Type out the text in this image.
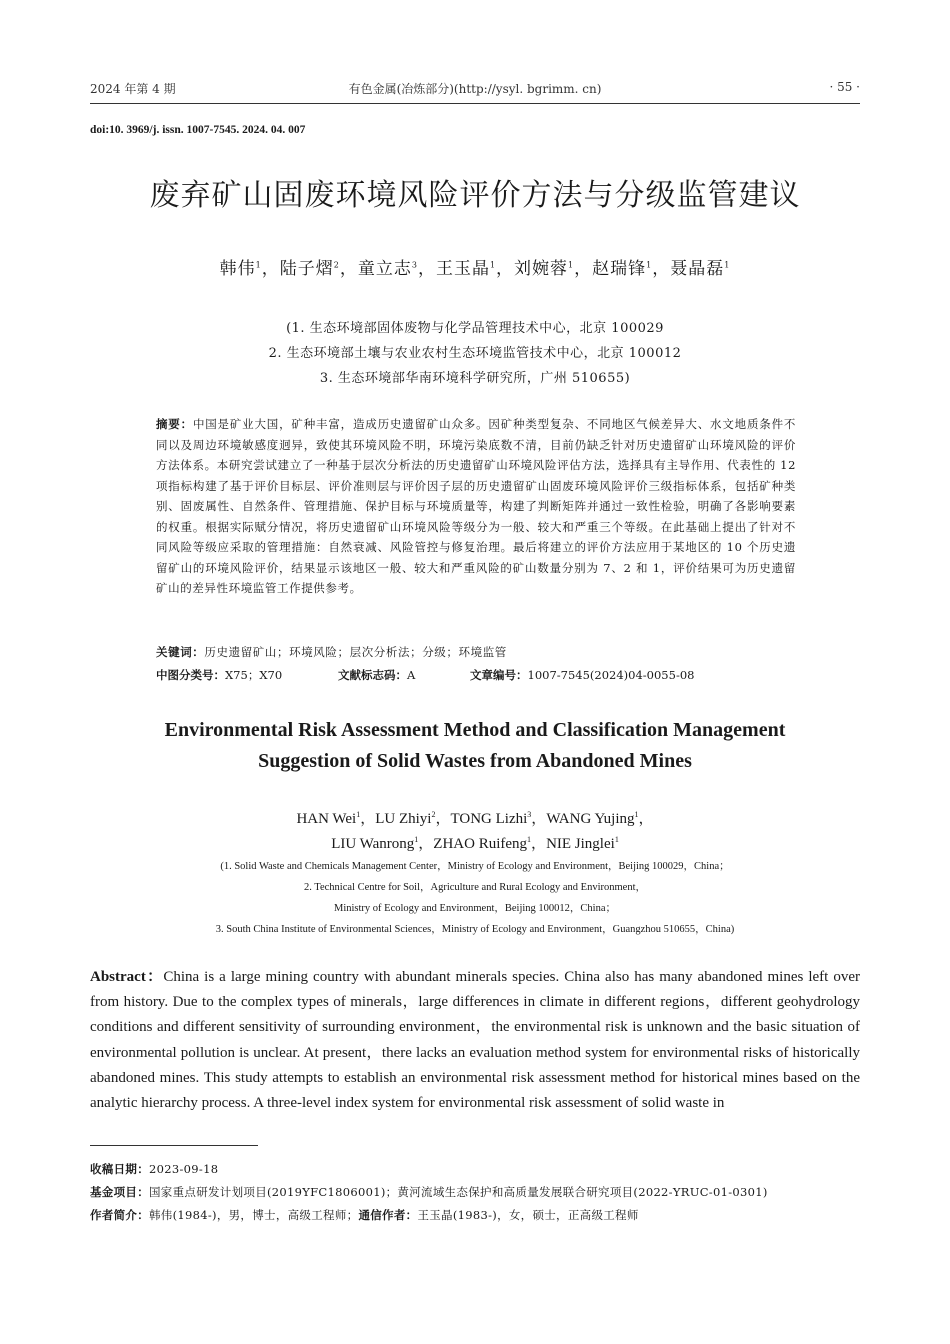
2024 年第 4 期	有色金属(冶炼部分)(http://ysyl. bgrimm. cn)	· 55 ·
doi:10. 3969/j. issn. 1007-7545. 2024. 04. 007
废弃矿山固废环境风险评价方法与分级监管建议
韩伟$^1$，陆子熠$^2$，童立志$^3$，王玉晶$^1$，刘婉蓉$^1$，赵瑞锋$^1$，聂晶磊$^1$
(1. 生态环境部固体废物与化学品管理技术中心，北京 100029
2. 生态环境部土壤与农业农村生态环境监管技术中心，北京 100012
3. 生态环境部华南环境科学研究所，广州 510655)
摘要：中国是矿业大国，矿种丰富，造成历史遗留矿山众多。因矿种类型复杂、不同地区气候差异大、水文地质条件不同以及周边环境敏感度迥异，致使其环境风险不明，环境污染底数不清，目前仍缺乏针对历史遗留矿山环境风险的评价方法体系。本研究尝试建立了一种基于层次分析法的历史遗留矿山环境风险评估方法，选择具有主导作用、代表性的 12 项指标构建了基于评价目标层、评价准则层与评价因子层的历史遗留矿山固废环境风险评价三级指标体系，包括矿种类别、固废属性、自然条件、管理措施、保护目标与环境质量等，构建了判断矩阵并通过一致性检验，明确了各影响要素的权重。根据实际赋分情况，将历史遗留矿山环境风险等级分为一般、较大和严重三个等级。在此基础上提出了针对不同风险等级应采取的管理措施：自然衰减、风险管控与修复治理。最后将建立的评价方法应用于某地区的 10 个历史遗留矿山的环境风险评价，结果显示该地区一般、较大和严重风险的矿山数量分别为 7、2 和 1，评价结果可为历史遗留矿山的差异性环境监管工作提供参考。
关键词：历史遗留矿山；环境风险；层次分析法；分级；环境监管
中图分类号：X75；X70	文献标志码：A	文章编号：1007-7545(2024)04-0055-08
Environmental Risk Assessment Method and Classification Management
Suggestion of Solid Wastes from Abandoned Mines
HAN Wei$^1$，LU Zhiyi$^2$，TONG Lizhi$^3$，WANG Yujing$^1$，
LIU Wanrong$^1$，ZHAO Ruifeng$^1$，NIE Jinglei$^1$
(1. Solid Waste and Chemicals Management Center，Ministry of Ecology and Environment，Beijing 100029，China；
2. Technical Centre for Soil，Agriculture and Rural Ecology and Environment，
Ministry of Ecology and Environment，Beijing 100012，China；
3. South China Institute of Environmental Sciences，Ministry of Ecology and Environment，Guangzhou 510655，China)
Abstract：China is a large mining country with abundant minerals species. China also has many abandoned mines left over from history. Due to the complex types of minerals，large differences in climate in different regions，different geohydrology conditions and different sensitivity of surrounding environment，the environmental risk is unknown and the basic situation of environmental pollution is unclear. At present，there lacks an evaluation method system for environmental risks of historically abandoned mines. This study attempts to establish an environmental risk assessment method for historical mines based on the analytic hierarchy process. A three-level index system for environmental risk assessment of solid waste in
收稿日期：2023-09-18
基金项目：国家重点研发计划项目(2019YFC1806001)；黄河流域生态保护和高质量发展联合研究项目(2022-YRUC-01-0301)
作者简介：韩伟(1984-)，男，博士，高级工程师；通信作者：王玉晶(1983-)，女，硕士，正高级工程师
